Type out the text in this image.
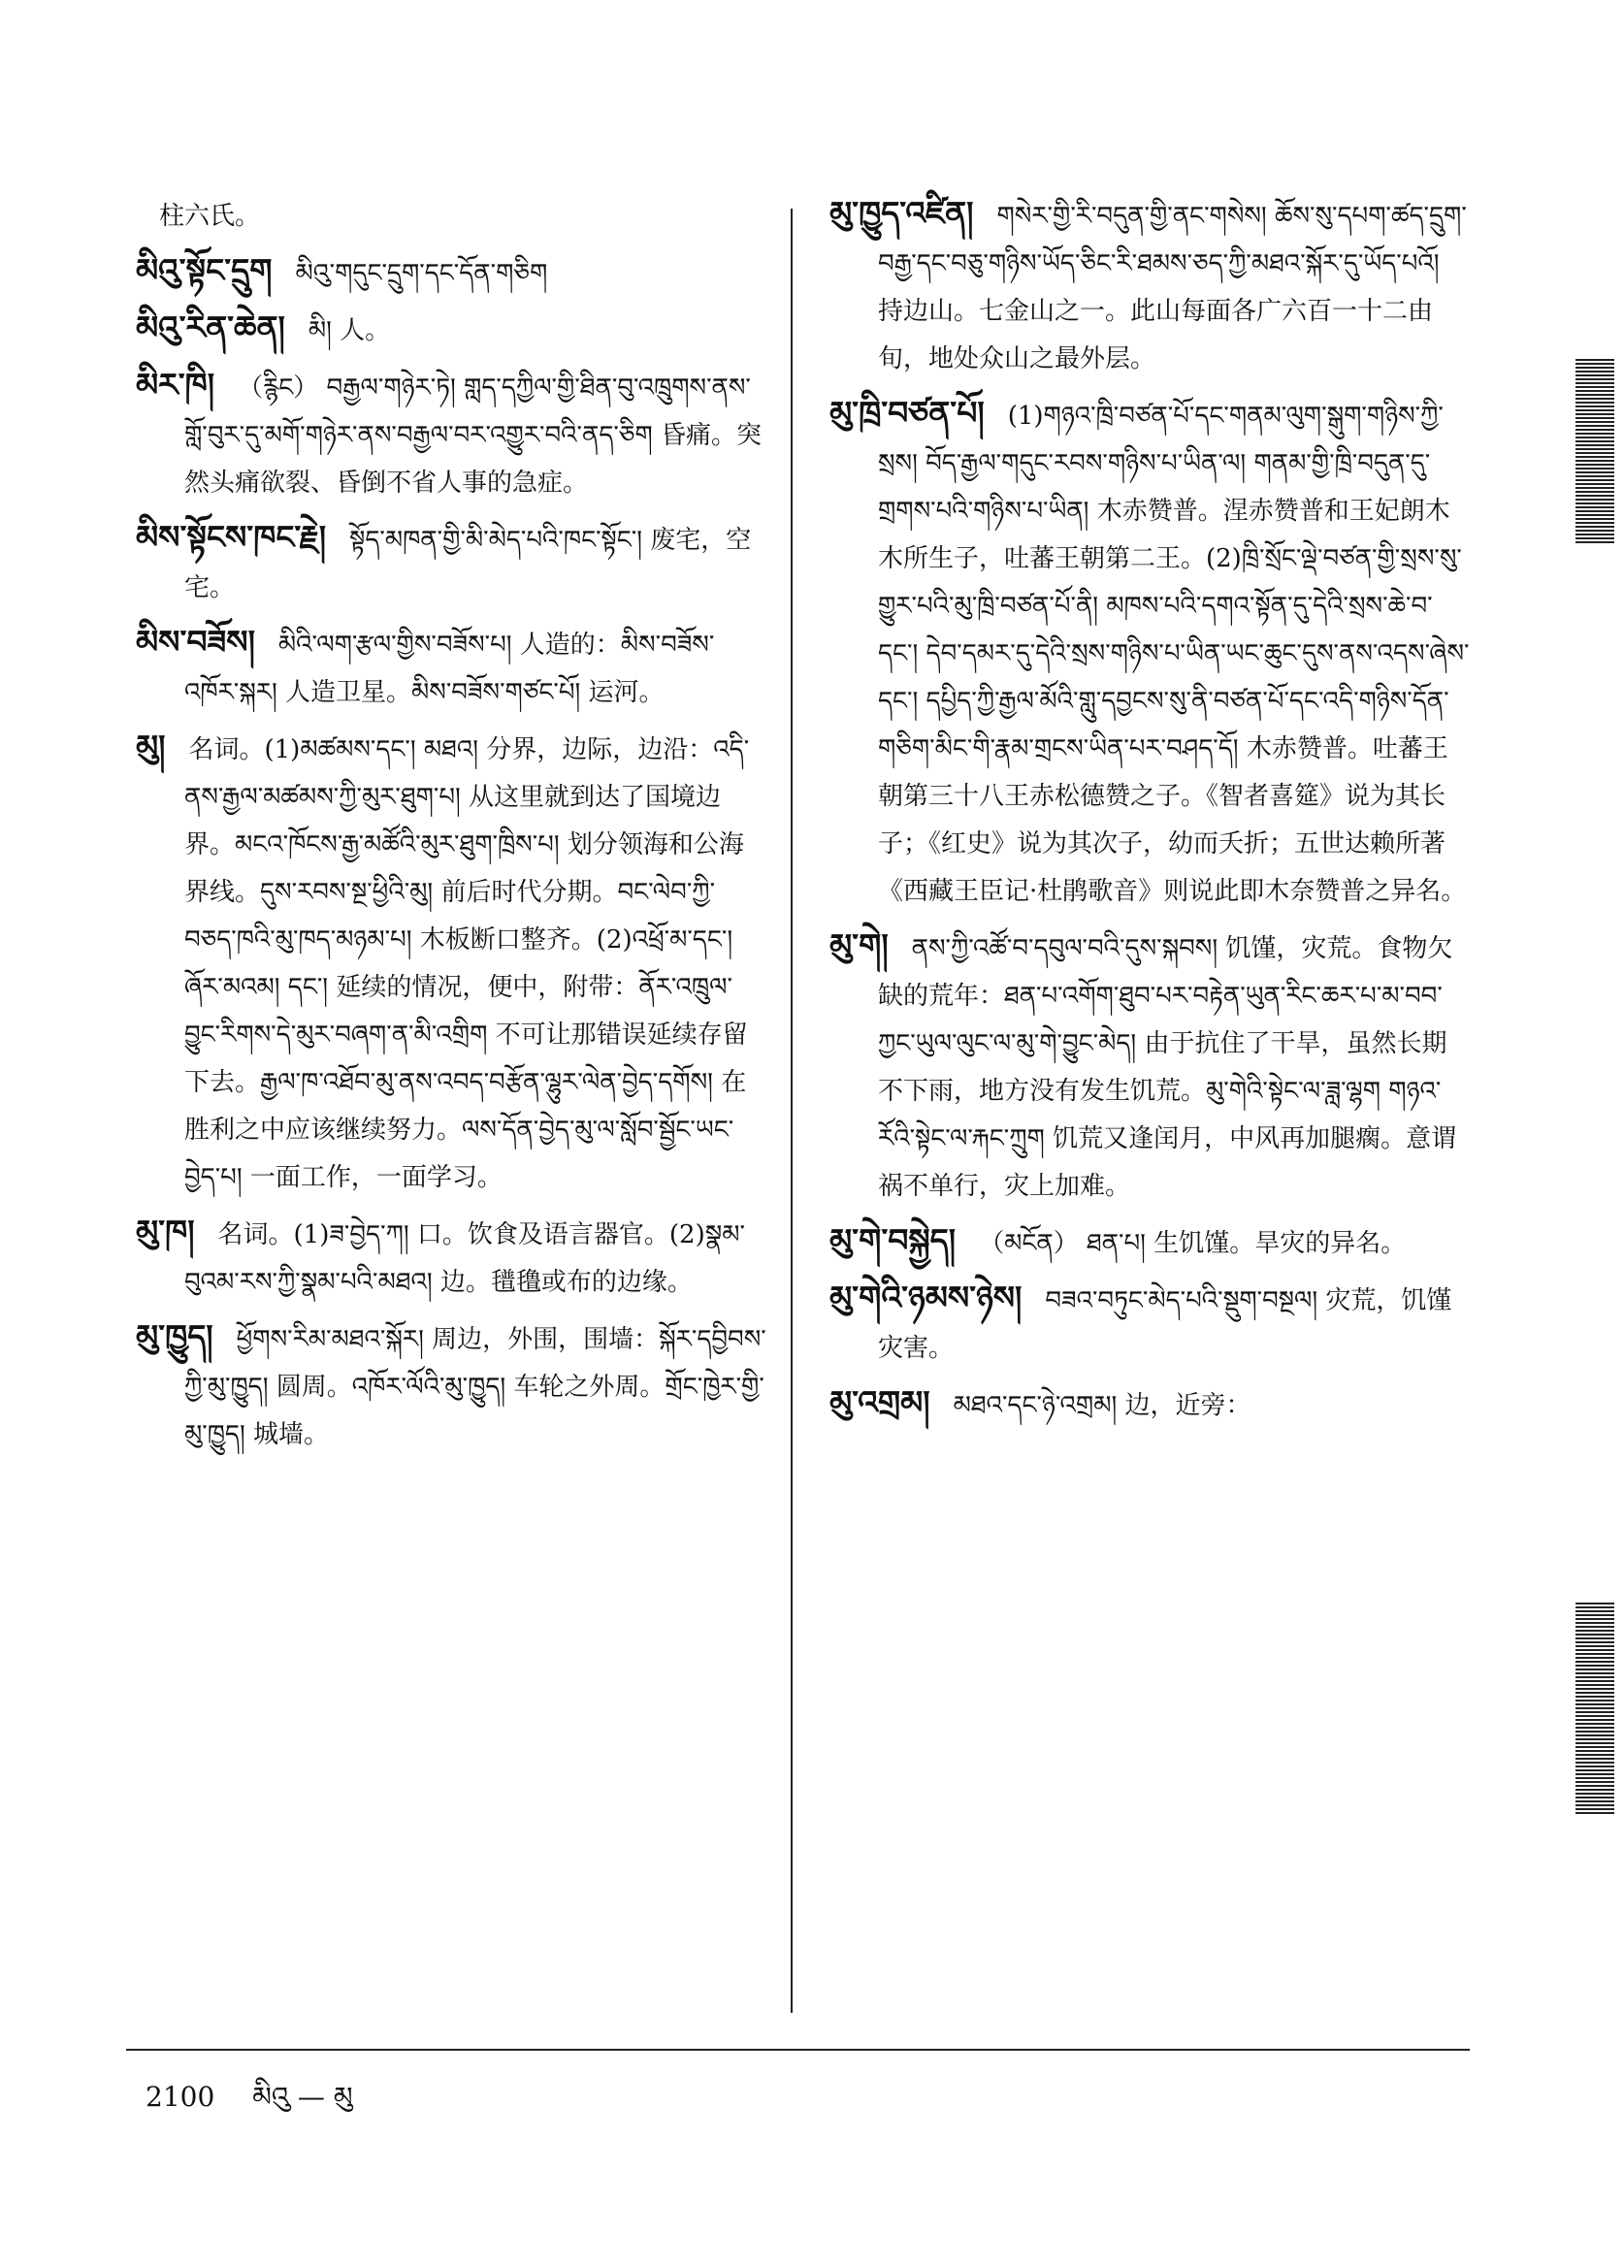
柱六氏。
མིའུ་སྟོང་དྲུག མིའུ་གདུང་དྲུག་དང་དོན་གཅིག
མིའུ་རིན་ཆེན། མི། 人。
མིར་ཁི། （རྙིང） བརྒྱལ་གཉེར་ཏེ། གླད་དཀྱིལ་གྱི་ཐིན་བུ་འཁྲུགས་ནས་གློ་བུར་དུ་མགོ་གཉེར་ནས་བརྒྱལ་བར་འགྱུར་བའི་ནད་ཅིག 昏痛。突然头痛欲裂、昏倒不省人事的急症。
མིས་སྟོངས་ཁང་རྗེ། སྟོད་མཁན་གྱི་མི་མེད་པའི་ཁང་སྟོང་། 废宅，空宅。
མིས་བཟོས། མིའི་ལག་རྩལ་གྱིས་བཟོས་པ། 人造的：མིས་བཟོས་འཁོར་སྐར། 人造卫星。མིས་བཟོས་གཙང་པོ། 运河。
མུ། 名词。(1)མཚམས་དང་། མཐའ། 分界，边际，边沿：འདི་ནས་རྒྱལ་མཚམས་ཀྱི་མུར་ཐུག་པ། 从这里就到达了国境边界。མངའ་ཁོངས་རྒྱ་མཚོའི་མུར་ཐུག་ཁྲིས་པ། 划分领海和公海界线。དུས་རབས་སྔ་ཕྱིའི་མུ། 前后时代分期。བང་ལེབ་ཀྱི་བཅད་ཁའི་མུ་ཁད་མཉམ་པ། 木板断口整齐。(2)འཕྲོ་མ་དང་། ཞོར་མའམ། དང་། 延续的情况，便中，附带：ནོར་འཁྲུལ་བྱུང་རིགས་དེ་མུར་བཞག་ན་མི་འགྲིག 不可让那错误延续存留下去。རྒྱལ་ཁ་འཐོབ་མུ་ནས་འབད་བརྩོན་ལྷུར་ལེན་བྱེད་དགོས། 在胜利之中应该继续努力。ལས་དོན་བྱེད་མུ་ལ་སློབ་སྦྱོང་ཡང་བྱེད་པ། 一面工作，一面学习。
མུ་ཁ། 名词。(1)ཟ་བྱེད་ཀ། 口。饮食及语言器官。(2)སྣམ་བུའམ་རས་ཀྱི་སྣམ་པའི་མཐའ། 边。氆氇或布的边缘。
མུ་ཁྱུད། ཕྱོགས་རིམ་མཐའ་སྐོར། 周边，外围，围墙：སྐོར་དབྱིབས་ཀྱི་མུ་ཁྱུད། 圆周。འཁོར་ལོའི་མུ་ཁྱུད། 车轮之外周。གྲོང་ཁྱེར་གྱི་མུ་ཁྱུད། 城墙。
མུ་ཁྱུད་འཛིན། གསེར་གྱི་རི་བདུན་གྱི་ནང་གསེས། ཆོས་སུ་དཔག་ཚད་དྲུག་བརྒྱ་དང་བཅུ་གཉིས་ཡོད་ཅིང་རི་ཐམས་ཅད་ཀྱི་མཐའ་སྐོར་དུ་ཡོད་པའོ། 持边山。七金山之一。此山每面各广六百一十二由旬，地处众山之最外层。
མུ་ཁྲི་བཙན་པོ། (1)གཉའ་ཁྲི་བཙན་པོ་དང་གནམ་ལུག་སྒུག་གཉིས་ཀྱི་སྲས། བོད་རྒྱལ་གདུང་རབས་གཉིས་པ་ཡིན་ལ། གནམ་གྱི་ཁྲི་བདུན་དུ་གྲགས་པའི་གཉིས་པ་ཡིན། 木赤赞普。涅赤赞普和王妃朗木木所生子，吐蕃王朝第二王。(2)ཁྲི་སྲོང་ལྡེ་བཙན་གྱི་སྲས་སུ་གྱུར་པའི་མུ་ཁྲི་བཙན་པོ་ནི། མཁས་པའི་དགའ་སྟོན་དུ་དེའི་སྲས་ཆེ་བ་དང་། དེབ་དམར་དུ་དེའི་སྲས་གཉིས་པ་ཡིན་ཡང་ཆུང་དུས་ནས་འདས་ཞེས་དང་། དཔྱིད་ཀྱི་རྒྱལ་མོའི་གླུ་དབྱངས་སུ་ནི་བཙན་པོ་དང་འདི་གཉིས་དོན་གཅིག་མིང་གི་རྣམ་གྲངས་ཡིན་པར་བཤད་དོ། 木赤赞普。吐蕃王朝第三十八王赤松德赞之子。《智者喜筵》说为其长子；《红史》说为其次子，幼而夭折；五世达赖所著《西藏王臣记·杜鹃歌音》则说此即木奈赞普之异名。
མུ་གེ། ནས་ཀྱི་འཚོ་བ་དབུལ་བའི་དུས་སྐབས། 饥馑，灾荒。食物欠缺的荒年：ཐན་པ་འགོག་ཐུབ་པར་བརྟེན་ཡུན་རིང་ཆར་པ་མ་བབ་ཀྱང་ཡུལ་ལུང་ལ་མུ་གེ་བྱུང་མེད། 由于抗住了干旱，虽然长期不下雨，地方没有发生饥荒。མུ་གེའི་སྟེང་ལ་ཟླ་ལྷག གཉའ་རོའི་སྟེང་ལ་རྐང་ཀྲུག 饥荒又逢闰月，中风再加腿瘸。意谓祸不单行，灾上加难。
མུ་གེ་བསྐྱེད། （མངོན） ཐན་པ། 生饥馑。旱灾的异名。
མུ་གེའི་ཉམས་ཉེས། བཟའ་བཏུང་མེད་པའི་སྡུག་བསྔལ། 灾荒，饥馑灾害。
མུ་འགྲམ། མཐའ་དང་ཉེ་འགྲམ། 边，近旁：
2100 མིའུ — མུ
